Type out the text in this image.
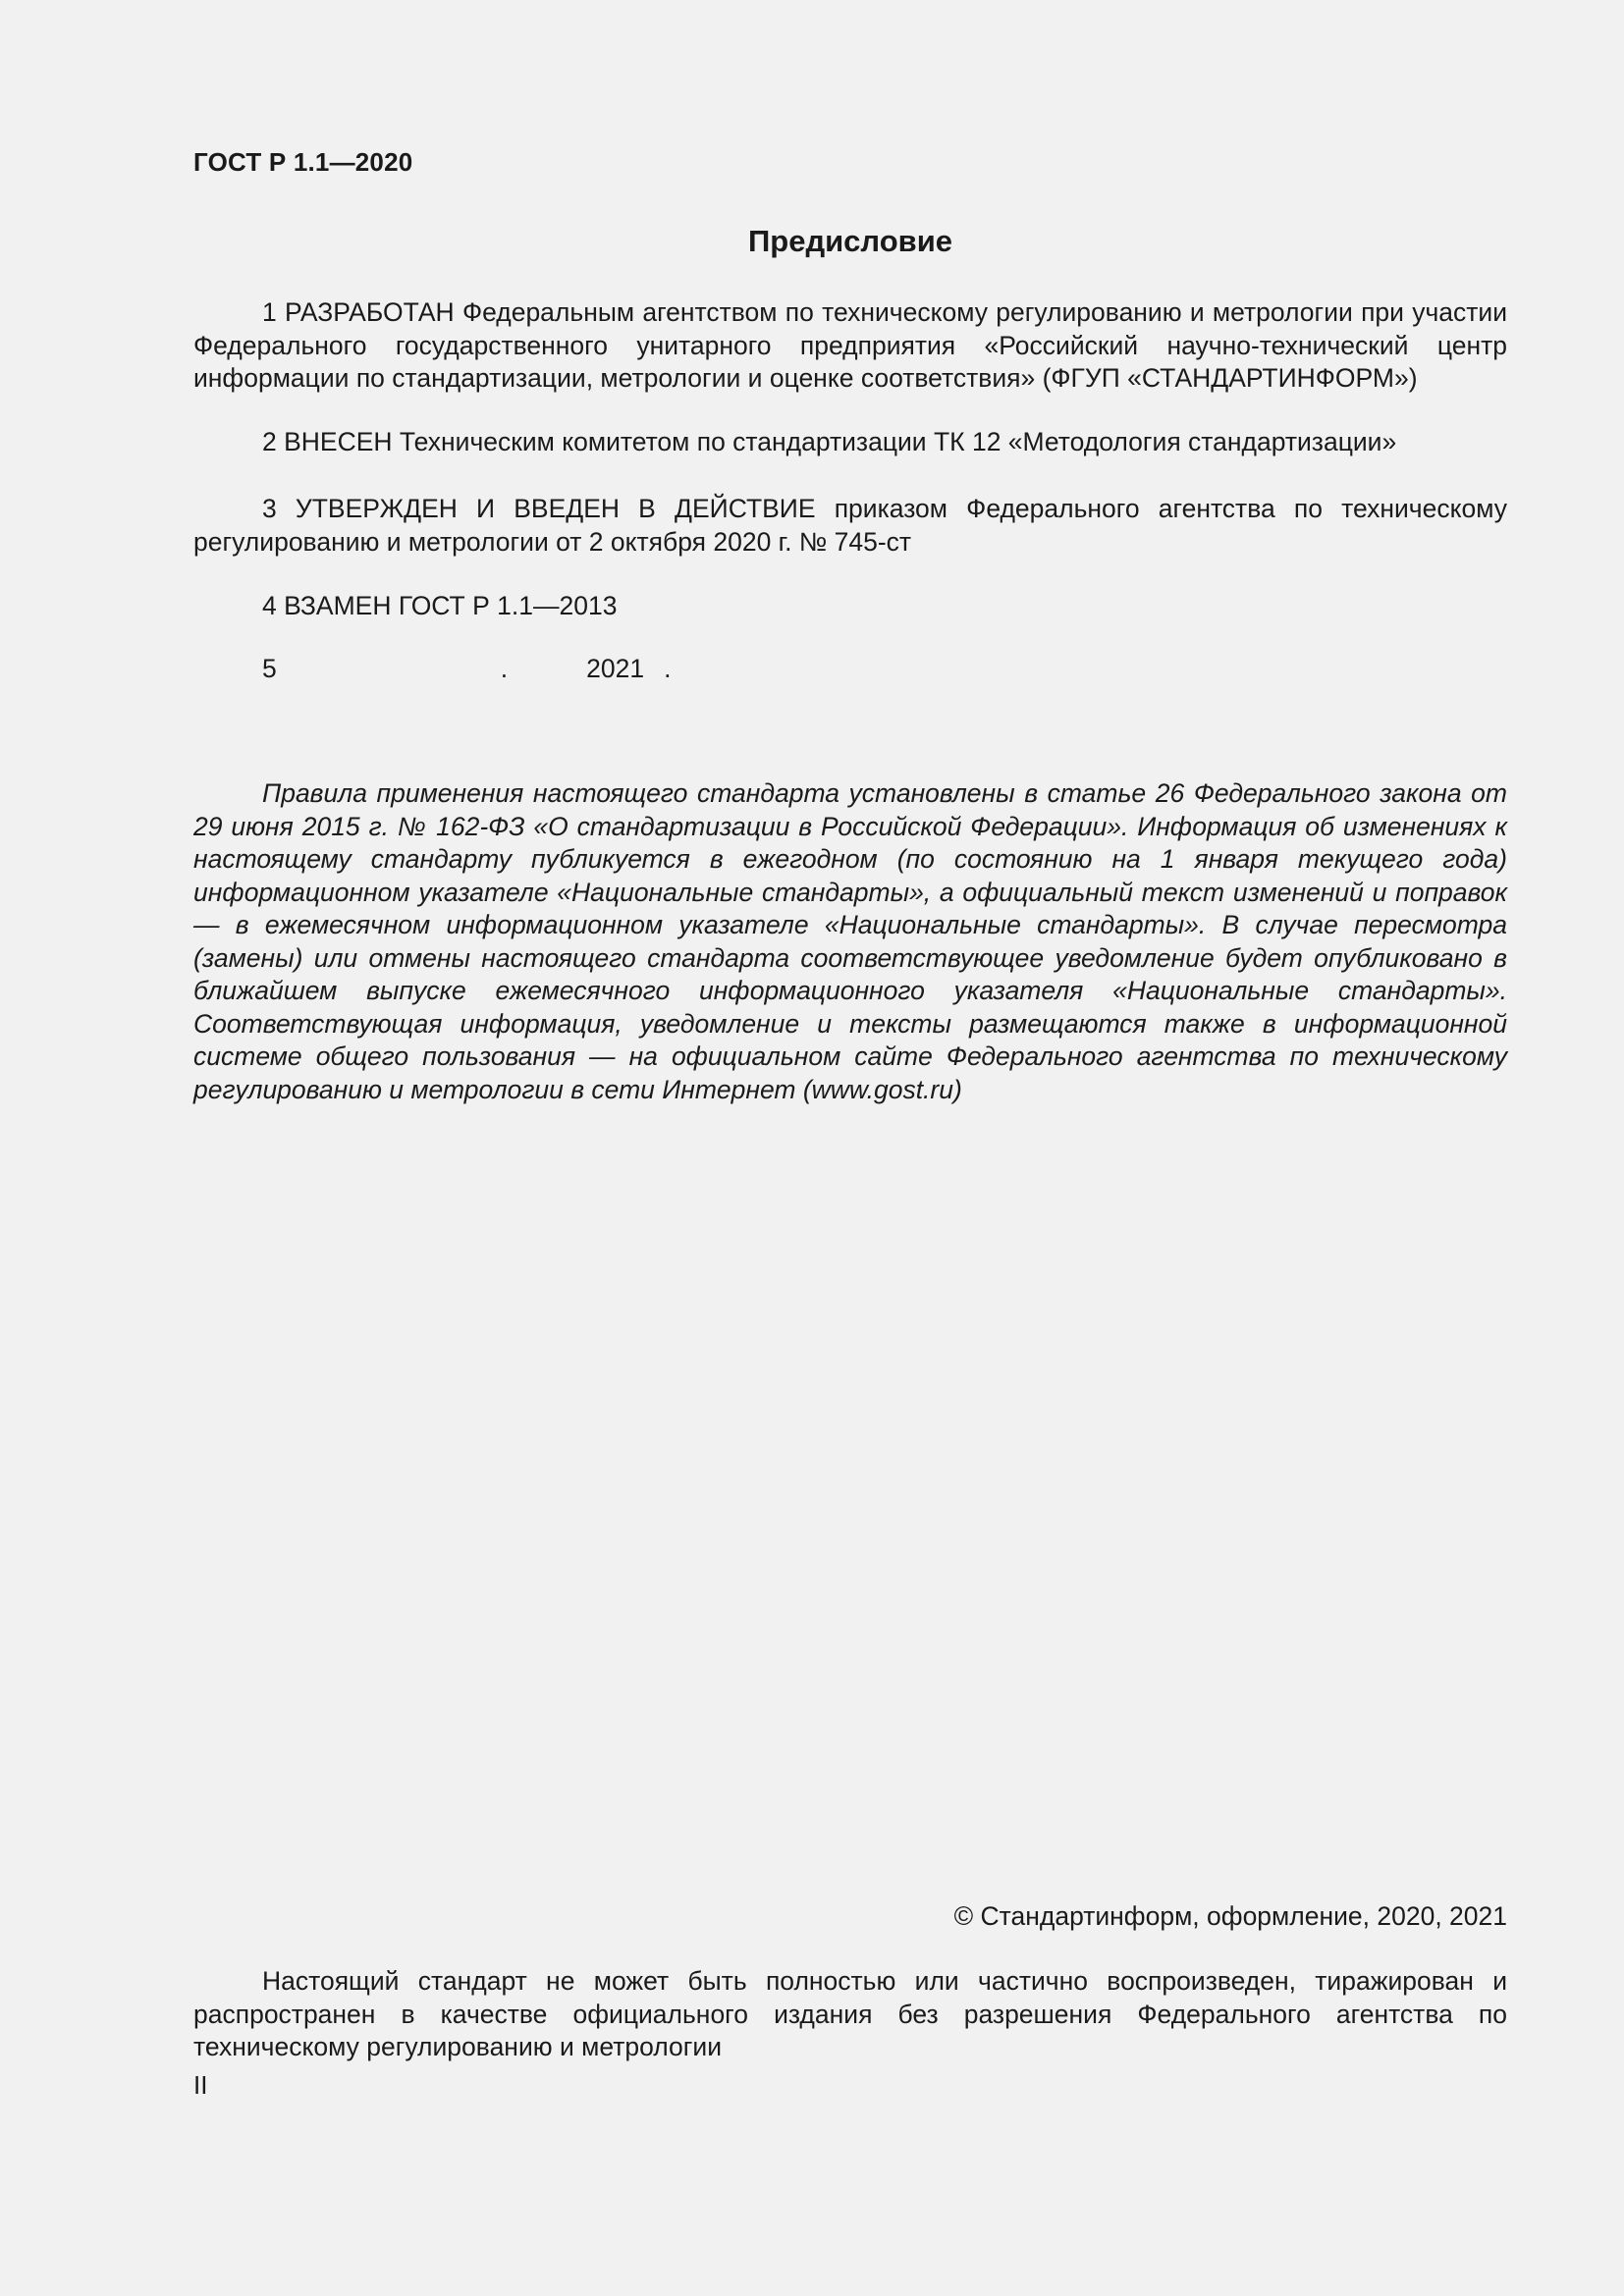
ГОСТ Р 1.1—2020
Предисловие

1 РАЗРАБОТАН Федеральным агентством по техническому регулированию и метрологии при участии Федерального государственного унитарного предприятия «Российский научно-технический центр информации по стандартизации, метрологии и оценке соответствия» (ФГУП «СТАНДАРТИНФОРМ»)

2 ВНЕСЕН Техническим комитетом по стандартизации ТК 12 «Методология стандартизации»

3 УТВЕРЖДЕН И ВВЕДЕН В ДЕЙСТВИЕ приказом Федерального агентства по техническому регулированию и метрологии от 2 октября 2020 г. № 745-ст

4 ВЗАМЕН ГОСТ Р 1.1—2013

5	.	2021 .

Правила применения настоящего стандарта установлены в статье 26 Федерального закона от 29 июня 2015 г. № 162-ФЗ «О стандартизации в Российской Федерации». Информация об изменениях к настоящему стандарту публикуется в ежегодном (по состоянию на 1 января текущего года) информационном указателе «Национальные стандарты», а официальный текст изменений и поправок — в ежемесячном информационном указателе «Национальные стандарты». В случае пересмотра (замены) или отмены настоящего стандарта соответствующее уведомление будет опубликовано в ближайшем выпуске ежемесячного информационного указателя «Национальные стандарты». Соответствующая информация, уведомление и тексты размещаются также в информационной системе общего пользования — на официальном сайте Федерального агентства по техническому регулированию и метрологии в сети Интернет (www.gost.ru)

© Стандартинформ, оформление, 2020, 2021

Настоящий стандарт не может быть полностью или частично воспроизведен, тиражирован и распространен в качестве официального издания без разрешения Федерального агентства по техническому регулированию и метрологии

II
